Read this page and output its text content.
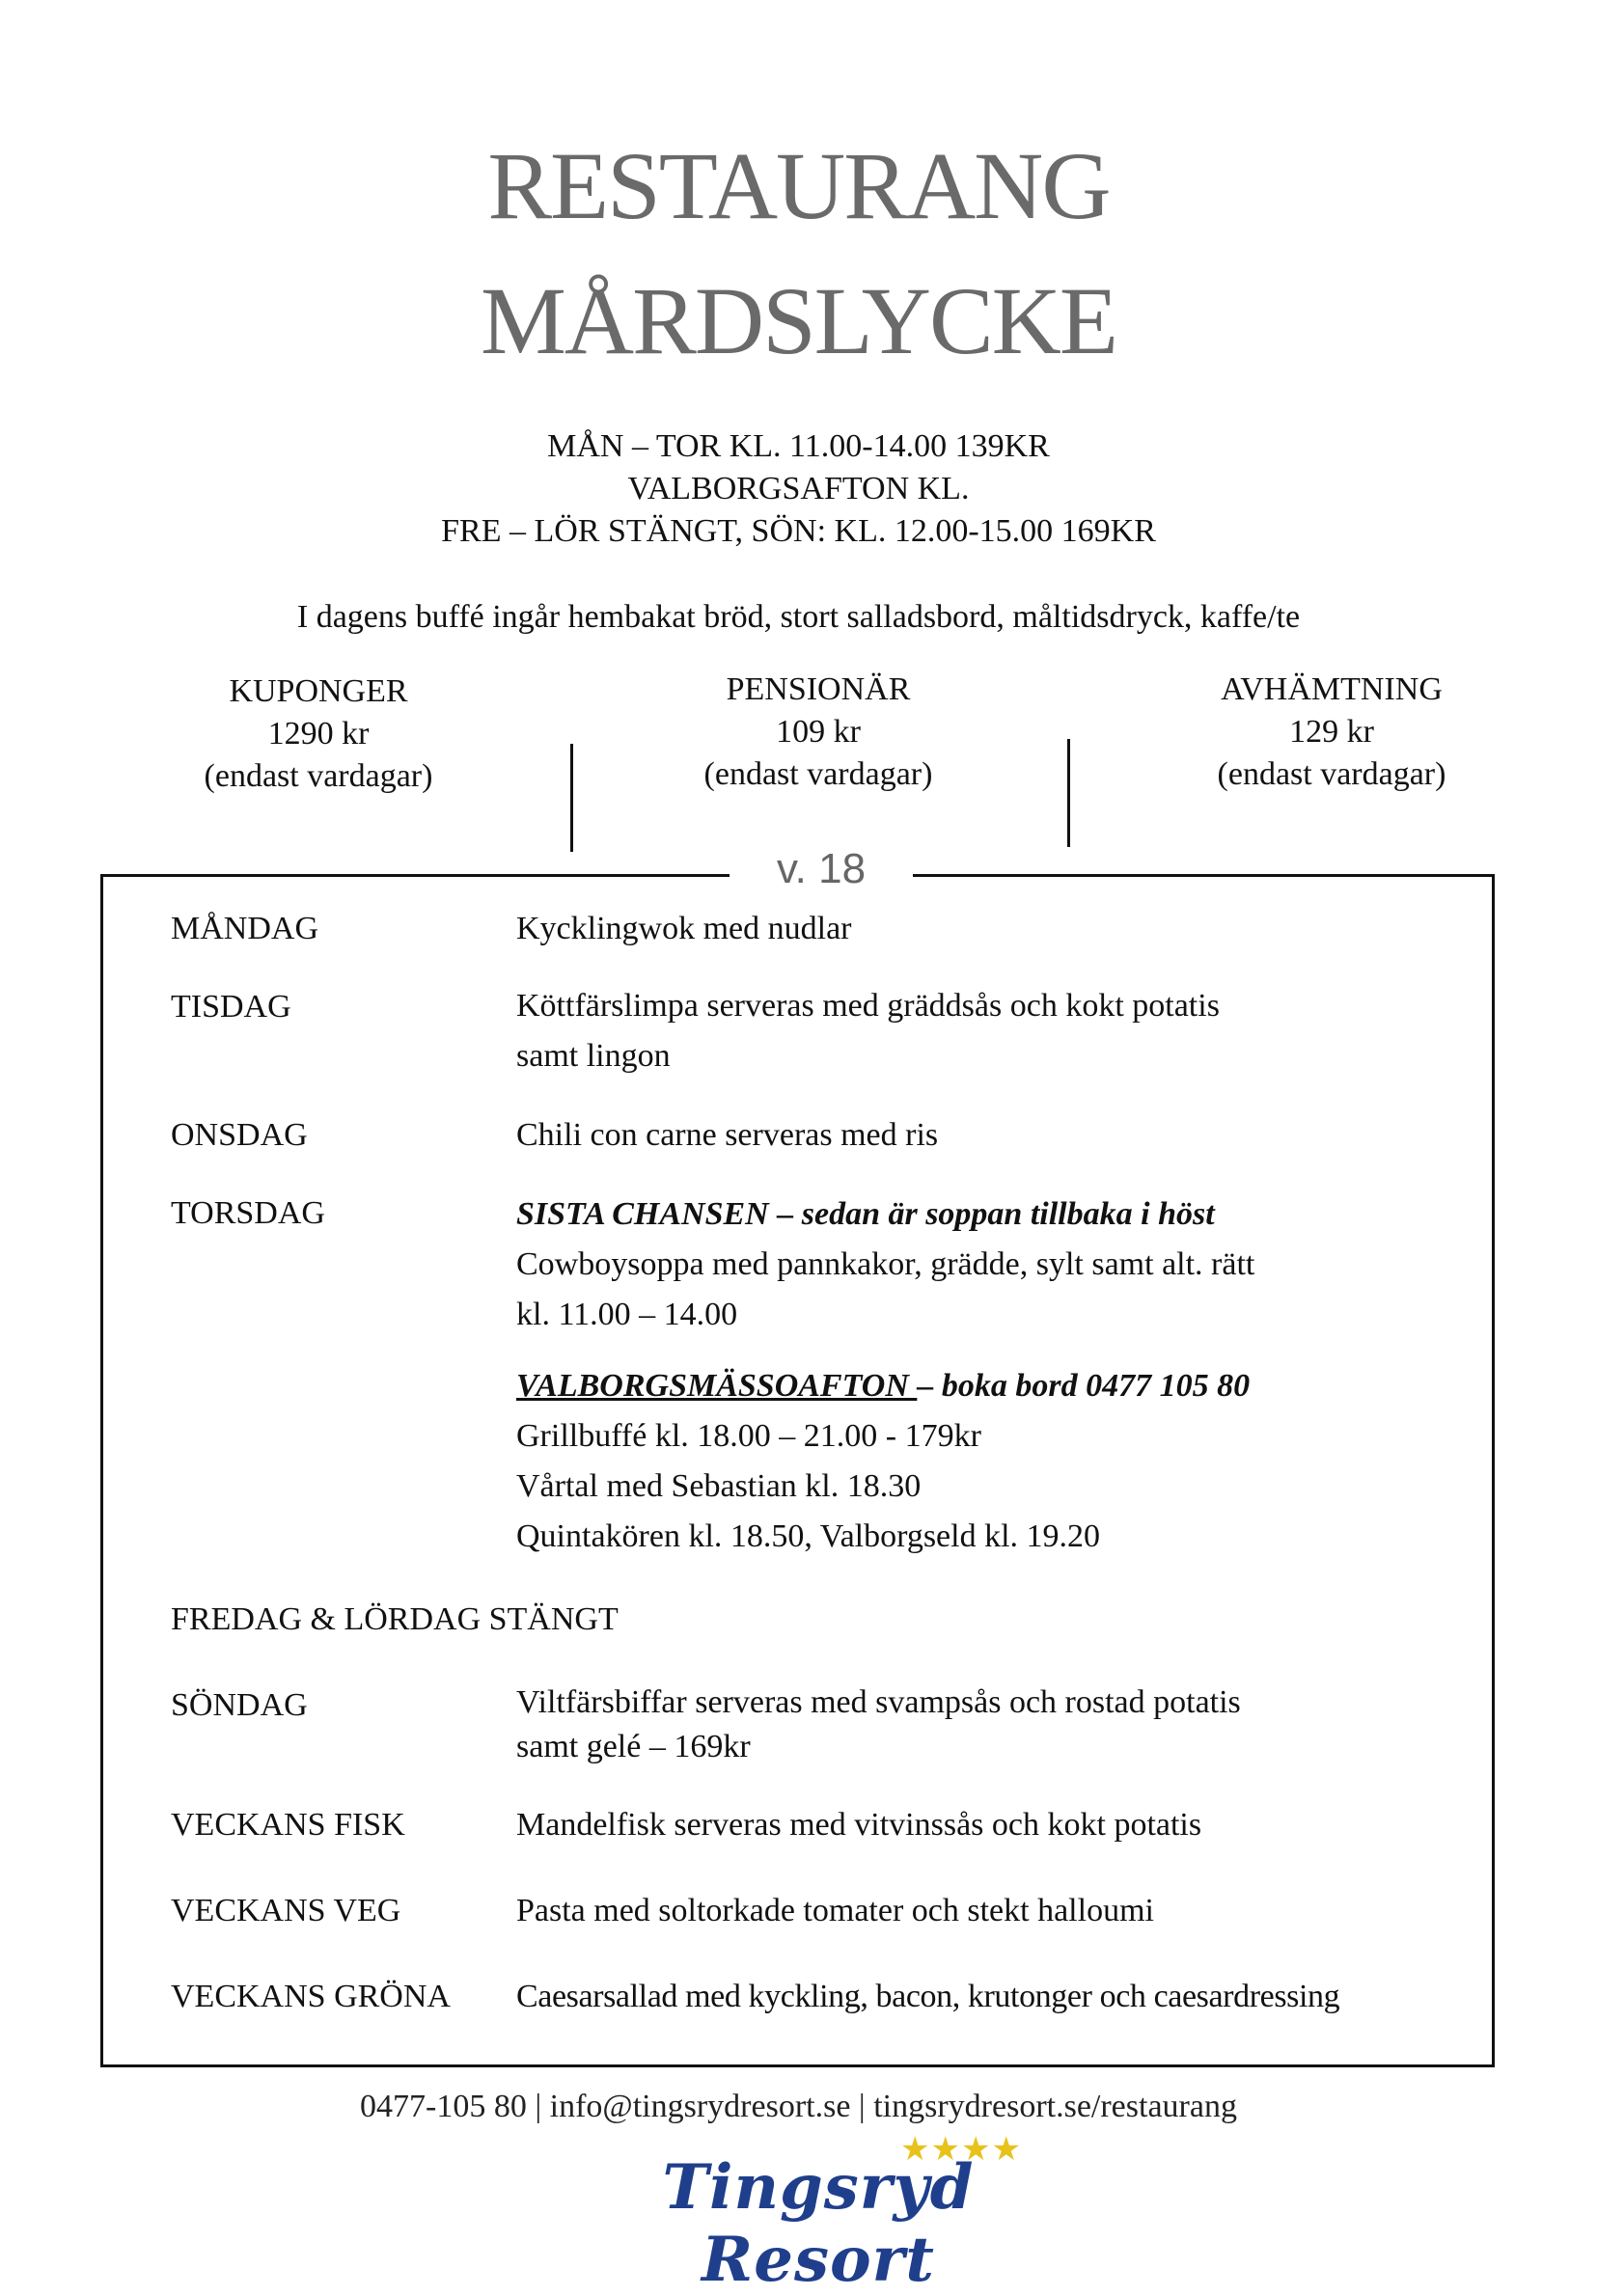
RESTAURANG
MÅRDSLYCKE
MÅN – TOR KL. 11.00-14.00 139KR
VALBORGSAFTON KL.
FRE – LÖR STÄNGT, SÖN: KL. 12.00-15.00 169KR
I dagens buffé ingår hembakat bröd, stort salladsbord, måltidsdryck, kaffe/te
KUPONGER
1290 kr
(endast vardagar)
PENSIONÄR
109 kr
(endast vardagar)
AVHÄMTNING
129 kr
(endast vardagar)
v. 18
MÅNDAG	Kycklingwok med nudlar
TISDAG	Köttfärslimpa serveras med gräddsås och kokt potatis
samt lingon
ONSDAG	Chili con carne serveras med ris
TORSDAG	SISTA CHANSEN – sedan är soppan tillbaka i höst
Cowboysoppa med pannkakor, grädde, sylt samt alt. rätt
kl. 11.00 – 14.00
VALBORGSMÄSSOAFTON – boka bord 0477 105 80
Grillbuffé kl. 18.00 – 21.00 - 179kr
Vårtal med Sebastian kl. 18.30
Quintakören kl. 18.50, Valborgseld kl. 19.20
FREDAG & LÖRDAG STÄNGT
SÖNDAG	Viltfärsbiffar serveras med svampsås och rostad potatis
samt gelé – 169kr
VECKANS FISK	Mandelfisk serveras med vitvinssås och kokt potatis
VECKANS VEG	Pasta med soltorkade tomater och stekt halloumi
VECKANS GRÖNA Caesarsallad med kyckling, bacon, krutonger och caesardressing
0477-105 80 | info@tingsrydresort.se | tingsrydresort.se/restaurang
★★★★
Tingsryd Resort
